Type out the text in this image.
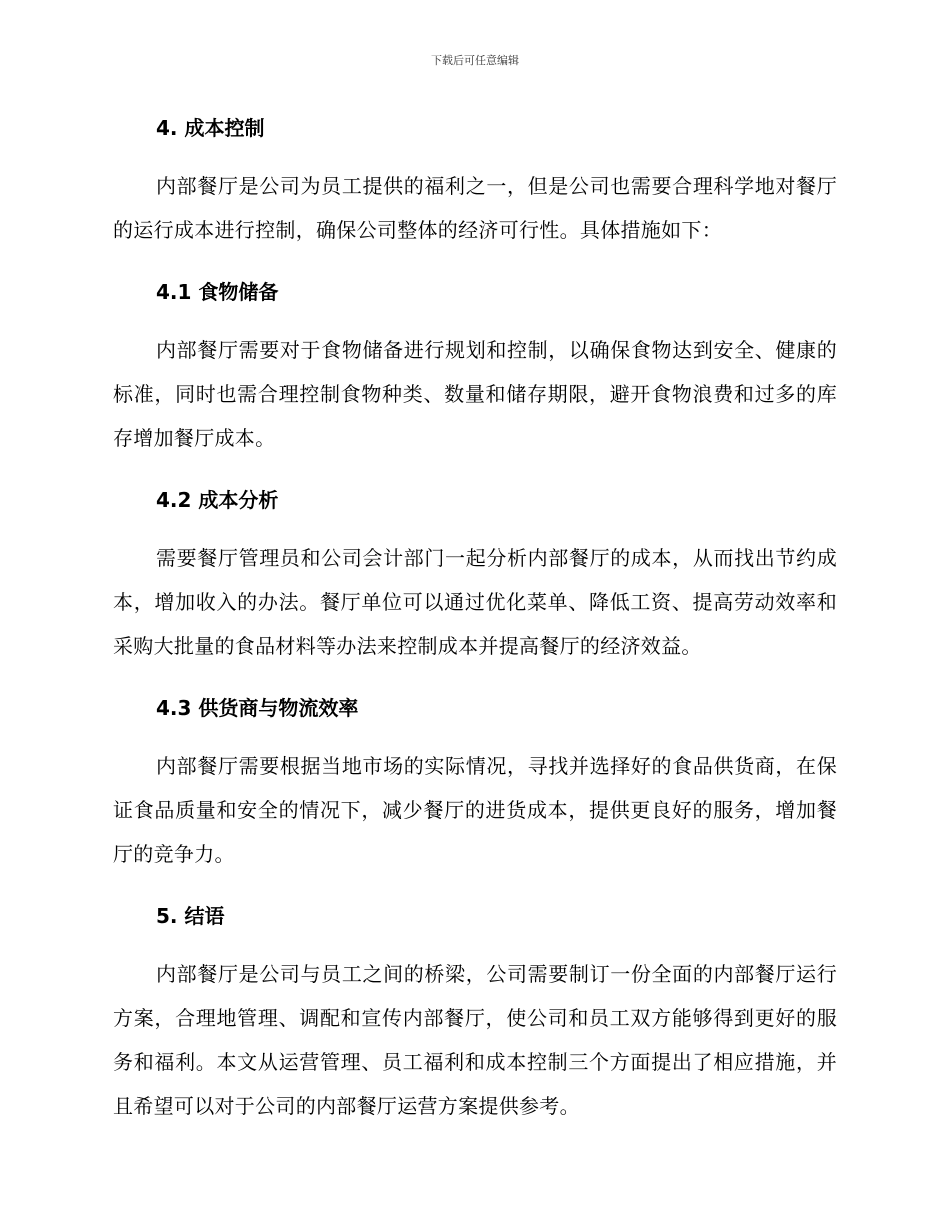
下载后可任意编辑
4. 成本控制

内部餐厅是公司为员工提供的福利之一，但是公司也需要合理科学地对餐厅的运行成本进行控制，确保公司整体的经济可行性。具体措施如下：

4.1 食物储备

内部餐厅需要对于食物储备进行规划和控制，以确保食物达到安全、健康的标准，同时也需合理控制食物种类、数量和储存期限，避开食物浪费和过多的库存增加餐厅成本。

4.2 成本分析

需要餐厅管理员和公司会计部门一起分析内部餐厅的成本，从而找出节约成本，增加收入的办法。餐厅单位可以通过优化菜单、降低工资、提高劳动效率和采购大批量的食品材料等办法来控制成本并提高餐厅的经济效益。

4.3 供货商与物流效率

内部餐厅需要根据当地市场的实际情况，寻找并选择好的食品供货商，在保证食品质量和安全的情况下，减少餐厅的进货成本，提供更良好的服务，增加餐厅的竞争力。

5. 结语

内部餐厅是公司与员工之间的桥梁，公司需要制订一份全面的内部餐厅运行方案，合理地管理、调配和宣传内部餐厅，使公司和员工双方能够得到更好的服务和福利。本文从运营管理、员工福利和成本控制三个方面提出了相应措施，并且希望可以对于公司的内部餐厅运营方案提供参考。
